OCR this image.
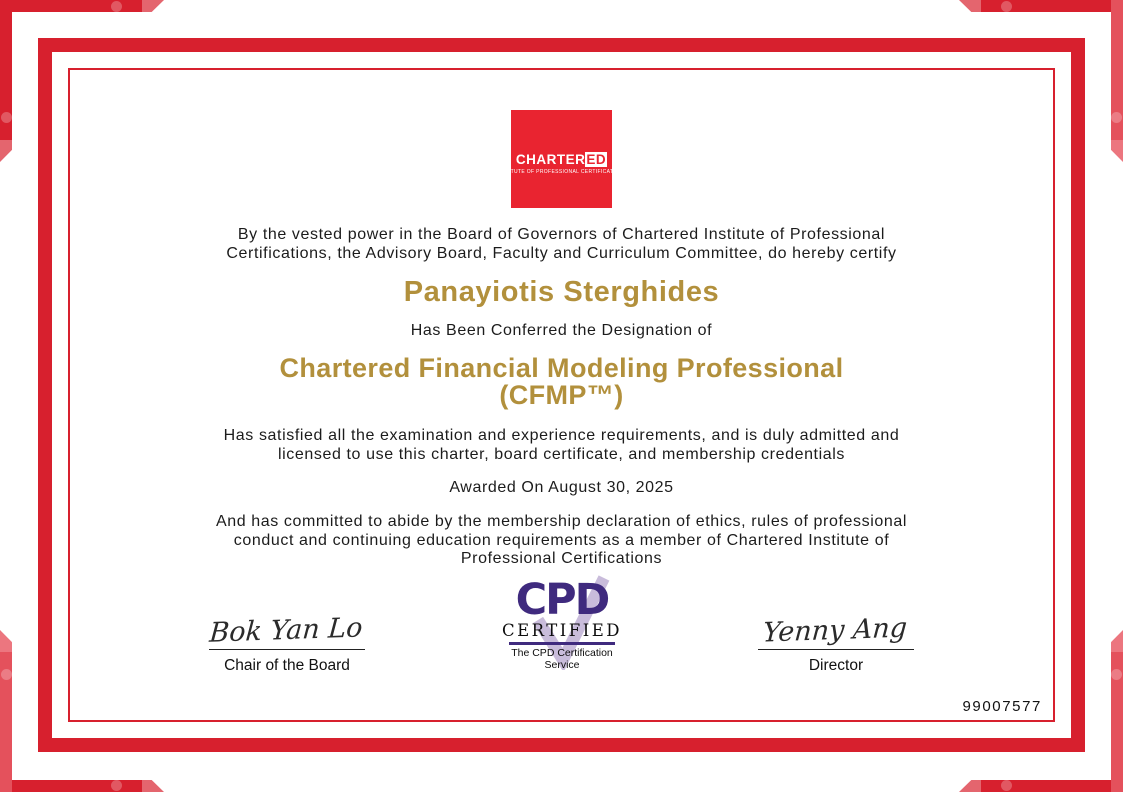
CHARTERED
INSTITUTE OF PROFESSIONAL CERTIFICATIONS
By the vested power in the Board of Governors of Chartered Institute of Professional
Certifications, the Advisory Board, Faculty and Curriculum Committee, do hereby certify
Panayiotis Sterghides
Has Been Conferred the Designation of
Chartered Financial Modeling Professional
(CFMP™)
Has satisfied all the examination and experience requirements, and is duly admitted and
licensed to use this charter, board certificate, and membership credentials
Awarded On August 30, 2025
And has committed to abide by the membership declaration of ethics, rules of professional
conduct and continuing education requirements as a member of Chartered Institute of
Professional Certifications
Bok Yan Lo
Chair of the Board
CPD
CERTIFIED
The CPD Certification
Service
Yenny Ang
Director
99007577
